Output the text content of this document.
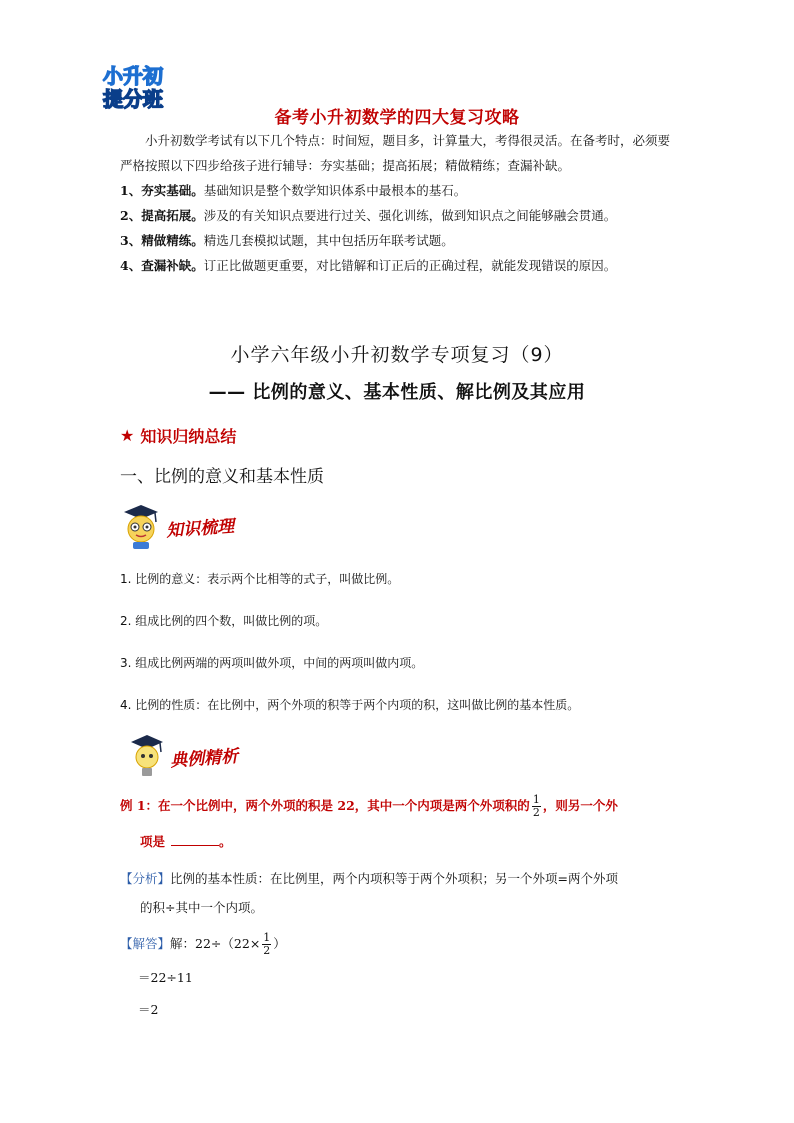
小升初
提分班
备考小升初数学的四大复习攻略

小升初数学考试有以下几个特点：时间短，题目多，计算量大，考得很灵活。在备考时，必须要严格按照以下四步给孩子进行辅导：夯实基础；提高拓展；精做精练；查漏补缺。

1、夯实基础。基础知识是整个数学知识体系中最根本的基石。

2、提高拓展。涉及的有关知识点要进行过关、强化训练，做到知识点之间能够融会贯通。

3、精做精练。精选几套模拟试题，其中包括历年联考试题。

4、查漏补缺。订正比做题更重要，对比错解和订正后的正确过程，就能发现错误的原因。

小学六年级小升初数学专项复习（9）
—— 比例的意义、基本性质、解比例及其应用
★ 知识归纳总结
一、比例的意义和基本性质
知识梳理
1. 比例的意义：表示两个比相等的式子，叫做比例。
2. 组成比例的四个数，叫做比例的项。
3. 组成比例两端的两项叫做外项，中间的两项叫做内项。
4. 比例的性质：在比例中，两个外项的积等于两个内项的积，这叫做比例的基本性质。
典例精析
例 1：在一个比例中，两个外项的积是 22，其中一个内项是两个外项积的 $\frac{1}{2}$ ，则另一个外
项是	。
【分析】比例的基本性质：在比例里，两个内项积等于两个外项积；另一个外项=两个外项
的积÷其中一个内项。
【解答】解：$22\div(22\times \frac{1}{2}$ ）
＝22÷11
＝2
